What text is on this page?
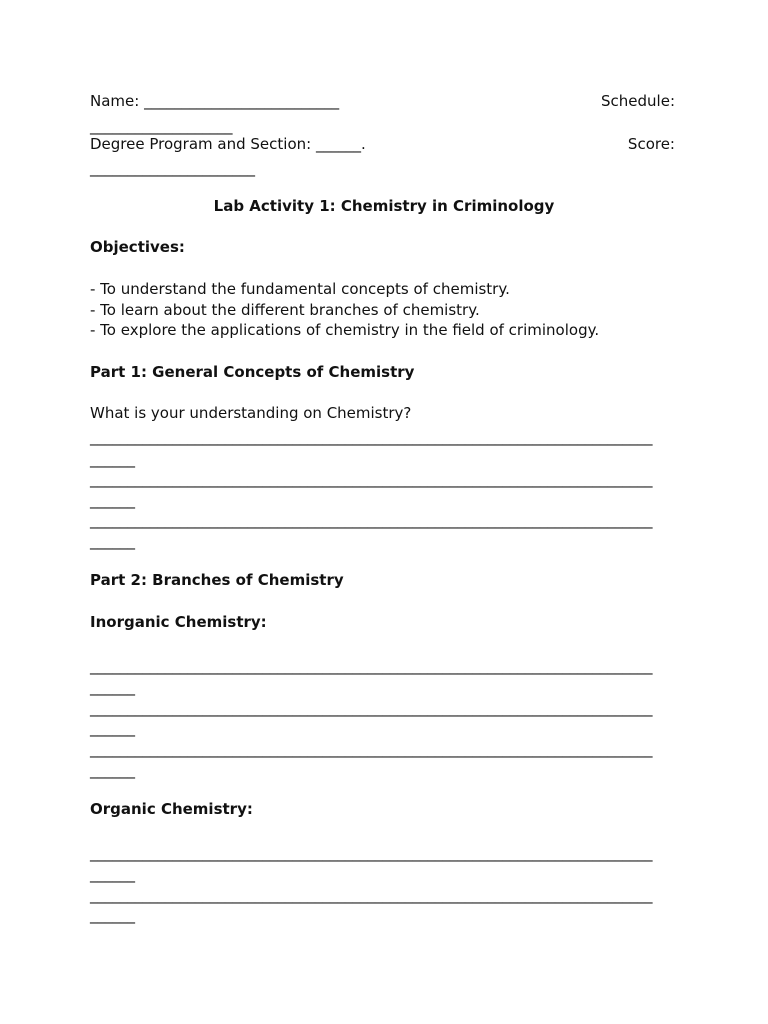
Name: __________________________	Schedule:
___________________
Degree Program and Section: ______.	Score:
______________________
Lab Activity 1: Chemistry in Criminology
Objectives:
- To understand the fundamental concepts of chemistry.
- To learn about the different branches of chemistry.
- To explore the applications of chemistry in the field of criminology.
Part 1: General Concepts of Chemistry
What is your understanding on Chemistry?
___________________________________________________________________________
______
___________________________________________________________________________
______
___________________________________________________________________________
______
Part 2: Branches of Chemistry
Inorganic Chemistry:
___________________________________________________________________________
______
___________________________________________________________________________
______
___________________________________________________________________________
______
Organic Chemistry:
___________________________________________________________________________
______
___________________________________________________________________________
______
